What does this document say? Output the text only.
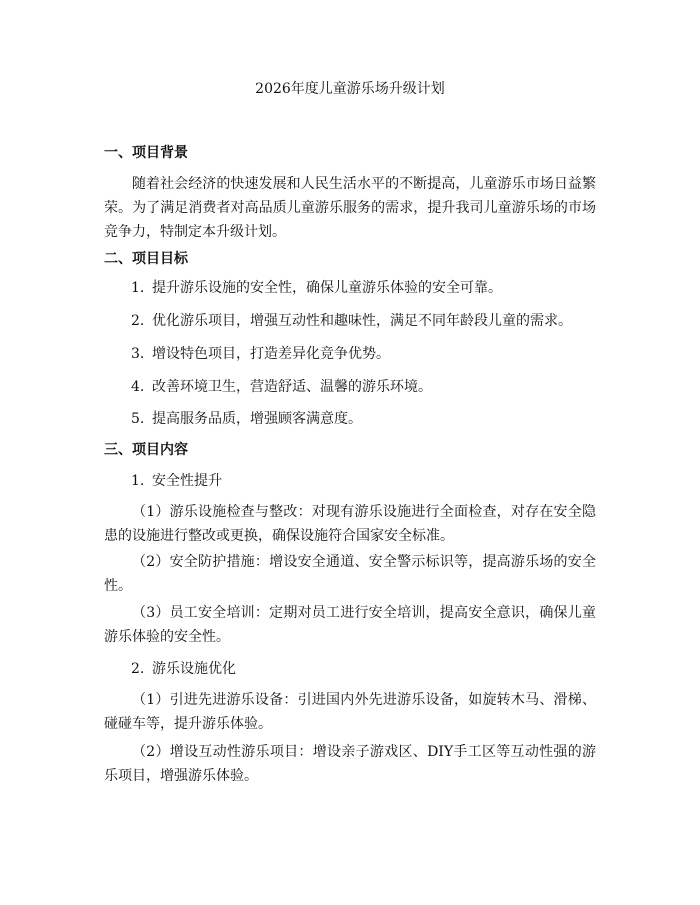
2026年度儿童游乐场升级计划
一、项目背景
随着社会经济的快速发展和人民生活水平的不断提高，儿童游乐市场日益繁荣。为了满足消费者对高品质儿童游乐服务的需求，提升我司儿童游乐场的市场竞争力，特制定本升级计划。
二、项目目标
1. 提升游乐设施的安全性，确保儿童游乐体验的安全可靠。
2. 优化游乐项目，增强互动性和趣味性，满足不同年龄段儿童的需求。
3. 增设特色项目，打造差异化竞争优势。
4. 改善环境卫生，营造舒适、温馨的游乐环境。
5. 提高服务品质，增强顾客满意度。
三、项目内容
1. 安全性提升
（1）游乐设施检查与整改：对现有游乐设施进行全面检查，对存在安全隐患的设施进行整改或更换，确保设施符合国家安全标准。
（2）安全防护措施：增设安全通道、安全警示标识等，提高游乐场的安全性。
（3）员工安全培训：定期对员工进行安全培训，提高安全意识，确保儿童游乐体验的安全性。
2. 游乐设施优化
（1）引进先进游乐设备：引进国内外先进游乐设备，如旋转木马、滑梯、碰碰车等，提升游乐体验。
（2）增设互动性游乐项目：增设亲子游戏区、DIY手工区等互动性强的游乐项目，增强游乐体验。
